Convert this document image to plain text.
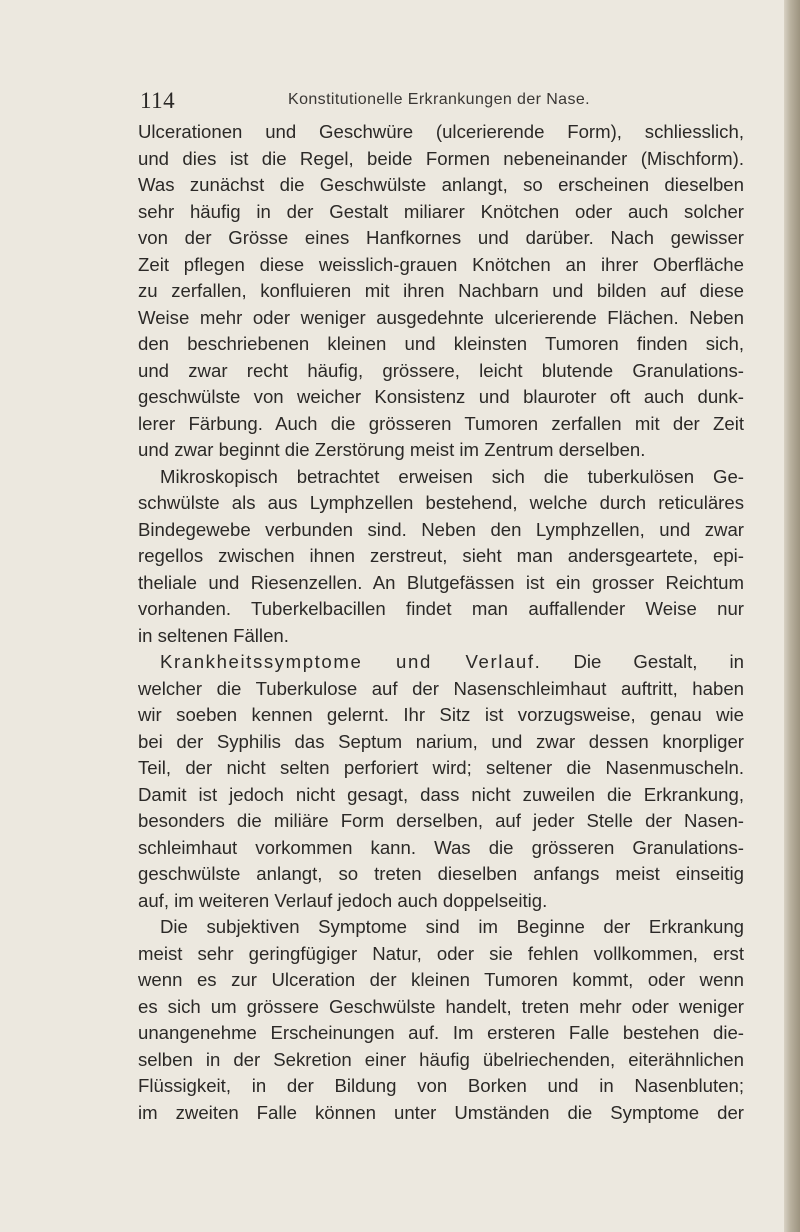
114	Konstitutionelle Erkrankungen der Nase.
Ulcerationen und Geschwüre (ulcerierende Form), schliesslich,
und dies ist die Regel, beide Formen nebeneinander (Mischform).
Was zunächst die Geschwülste anlangt, so erscheinen dieselben
sehr häufig in der Gestalt miliarer Knötchen oder auch solcher
von der Grösse eines Hanfkornes und darüber. Nach gewisser
Zeit pflegen diese weisslich-grauen Knötchen an ihrer Oberfläche
zu zerfallen, konfluieren mit ihren Nachbarn und bilden auf diese
Weise mehr oder weniger ausgedehnte ulcerierende Flächen. Neben
den beschriebenen kleinen und kleinsten Tumoren finden sich,
und zwar recht häufig, grössere, leicht blutende Granulations-
geschwülste von weicher Konsistenz und blauroter oft auch dunk-
lerer Färbung. Auch die grösseren Tumoren zerfallen mit der Zeit
und zwar beginnt die Zerstörung meist im Zentrum derselben.
Mikroskopisch betrachtet erweisen sich die tuberkulösen Ge-
schwülste als aus Lymphzellen bestehend, welche durch reticuläres
Bindegewebe verbunden sind. Neben den Lymphzellen, und zwar
regellos zwischen ihnen zerstreut, sieht man andersgeartete, epi-
theliale und Riesenzellen. An Blutgefässen ist ein grosser Reichtum
vorhanden. Tuberkelbacillen findet man auffallender Weise nur
in seltenen Fällen.
Krankheitssymptome und Verlauf. Die Gestalt, in
welcher die Tuberkulose auf der Nasenschleimhaut auftritt, haben
wir soeben kennen gelernt. Ihr Sitz ist vorzugsweise, genau wie
bei der Syphilis das Septum narium, und zwar dessen knorpliger
Teil, der nicht selten perforiert wird; seltener die Nasenmuscheln.
Damit ist jedoch nicht gesagt, dass nicht zuweilen die Erkrankung,
besonders die miliäre Form derselben, auf jeder Stelle der Nasen-
schleimhaut vorkommen kann. Was die grösseren Granulations-
geschwülste anlangt, so treten dieselben anfangs meist einseitig
auf, im weiteren Verlauf jedoch auch doppelseitig.
Die subjektiven Symptome sind im Beginne der Erkrankung
meist sehr geringfügiger Natur, oder sie fehlen vollkommen, erst
wenn es zur Ulceration der kleinen Tumoren kommt, oder wenn
es sich um grössere Geschwülste handelt, treten mehr oder weniger
unangenehme Erscheinungen auf. Im ersteren Falle bestehen die-
selben in der Sekretion einer häufig übelriechenden, eiterähnlichen
Flüssigkeit, in der Bildung von Borken und in Nasenbluten;
im zweiten Falle können unter Umständen die Symptome der
